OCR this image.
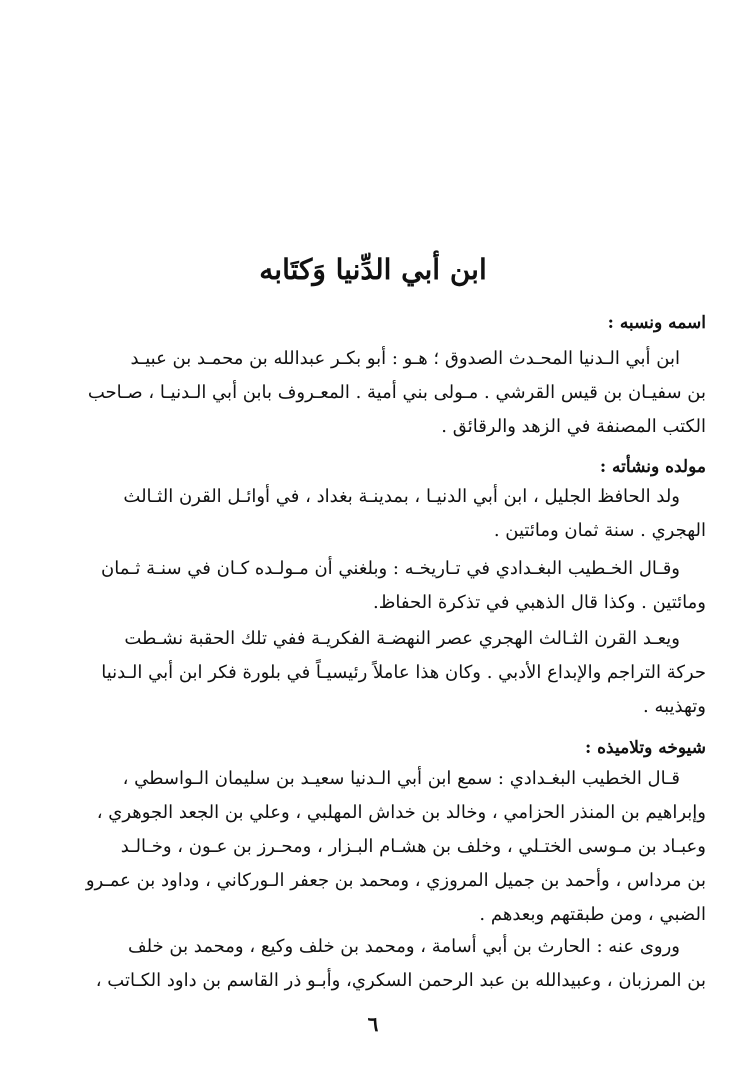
ابن أبي الدِّنيا وَكتَابه
اسمه ونسبه :
ابن أبي الـدنيا المحـدث الصدوق ؛ هـو : أبو بكـر عبدالله بن محمـد بن عبيـد
بن سفيـان بن قيس القرشي . مـولى بني أمية . المعـروف بابن أبي الـدنيـا ، صـاحب
الكتب المصنفة في الزهد والرقائق .
مولده ونشأته :
ولد الحافظ الجليل ، ابن أبي الدنيـا ، بمدينـة بغداد ، في أوائـل القرن الثـالث
الهجري . سنة ثمان ومائتين .
وقـال الخـطيب البغـدادي في تـاريخـه : وبلغني أن مـولـده كـان في سنـة ثـمان
ومائتين . وكذا قال الذهبي في تذكرة الحفاظ.
ويعـد القرن الثـالث الهجري عصر النهضـة الفكريـة ففي تلك الحقبة نشـطت
حركة التراجم والإبداع الأدبي . وكان هذا عاملاً رئيسيـاً في بلورة فكر ابن أبي الـدنيا
وتهذيبه .
شيوخه وتلاميذه :
قـال الخطيب البغـدادي : سمع ابن أبي الـدنيا سعيـد بن سليمان الـواسطي ،
وإبراهيم بن المنذر الحزامي ، وخالد بن خداش المهلبي ، وعلي بن الجعد الجوهري ،
وعبـاد بن مـوسى الختـلي ، وخلف بن هشـام البـزار ، ومحـرز بن عـون ، وخـالـد
بن مرداس ، وأحمد بن جميل المروزي ، ومحمد بن جعفر الـوركاني ، وداود بن عمـرو
الضبي ، ومن طبقتهم وبعدهم .
وروى عنه : الحارث بن أبي أسامة ، ومحمد بن خلف وكيع ، ومحمد بن خلف
بن المرزبان ، وعبيدالله بن عبد الرحمن السكري، وأبـو ذر القاسم بن داود الكـاتب ،
٦
